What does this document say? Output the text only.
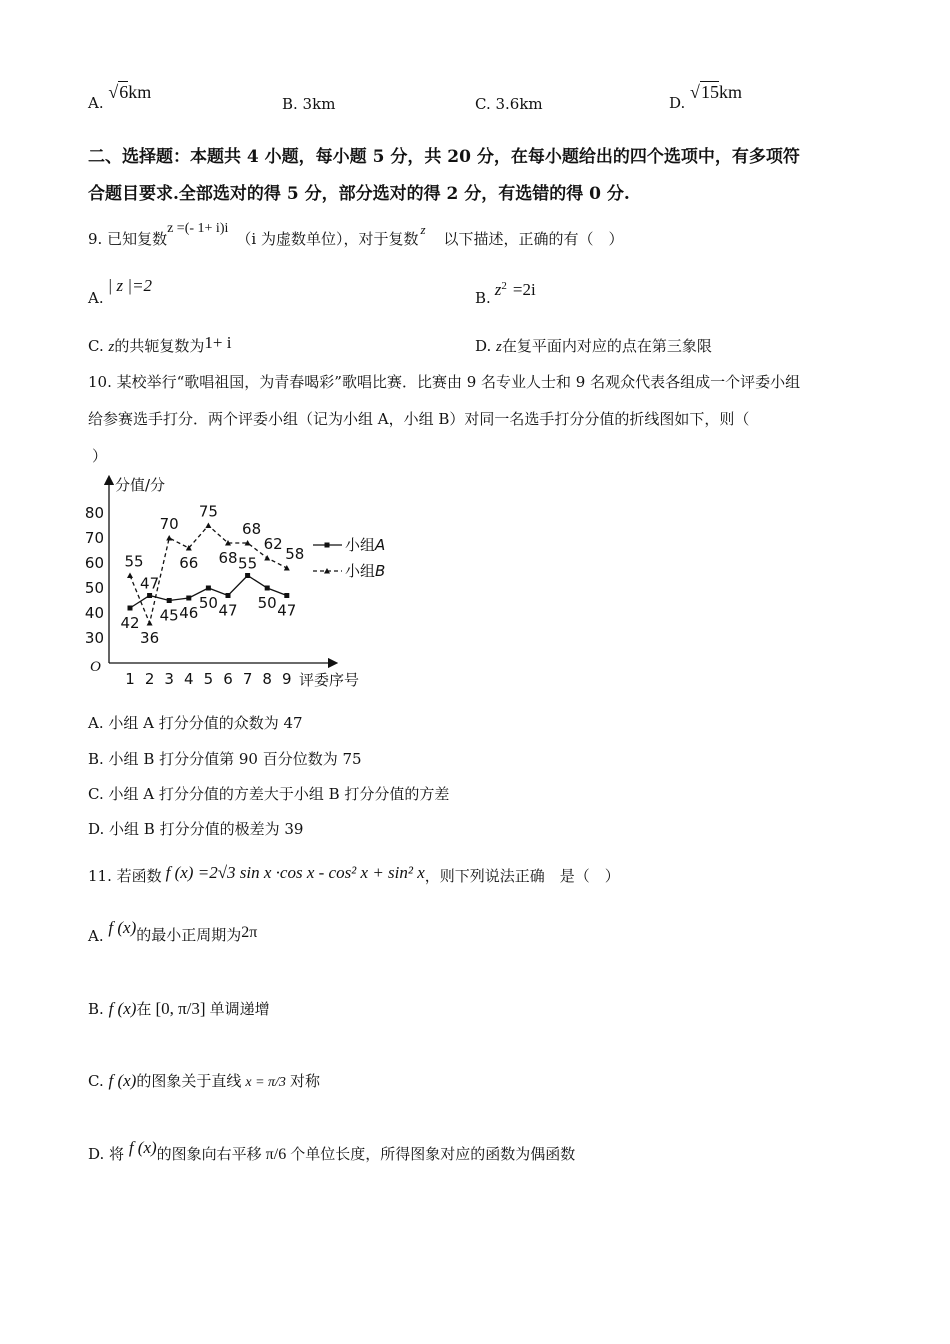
A. √6km
B. 3km	C. 3.6km	D. √15km
二、选择题：本题共 4 小题，每小题 5 分，共 20 分，在每小题给出的四个选项中，有多项符
合题目要求.全部选对的得 5 分，部分选对的得 2 分，有选错的得 0 分.
9. 已知复数z =(- 1+ i)i（i 为虚数单位），对于复数z以下描述，正确的有（　）
A.| z |=2
B. $z^2 =2i$
C. z的共轭复数为1+ i	D. z在复平面内对应的点在第三象限
10. 某校举行“歌唱祖国，为青春喝彩”歌唱比赛．比赛由 9 名专业人士和 9 名观众代表各组成一个评委小组
给参赛选手打分．两个评委小组（记为小组 A，小组 B）对同一名选手打分分值的折线图如下，则（
）
分值/分
评委序号
O
30
40
50
60
70
80
1 2 3 4 5 6 7 8 9
42
47
45 46
50 47
55
50 47
55
36
70
66
75
68
68
62
58	小组A
小组B
A. 小组 A 打分分值的众数为 47
B. 小组 B 打分分值第 90 百分位数为 75
C. 小组 A 打分分值的方差大于小组 B 打分分值的方差
D. 小组 B 打分分值的极差为 39
11. 若函数 f (x) =2√3 sin x ·cos x - cos² x + sin² x，则下列说法正确　是（　）
A. f (x)的最小正周期为2π
B. f (x)在 [0, π/3] 单调递增
C. f (x)的图象关于直线 x = π/3 对称
D. 将 f (x)的图象向右平移 π/6 个单位长度，所得图象对应的函数为偶函数
